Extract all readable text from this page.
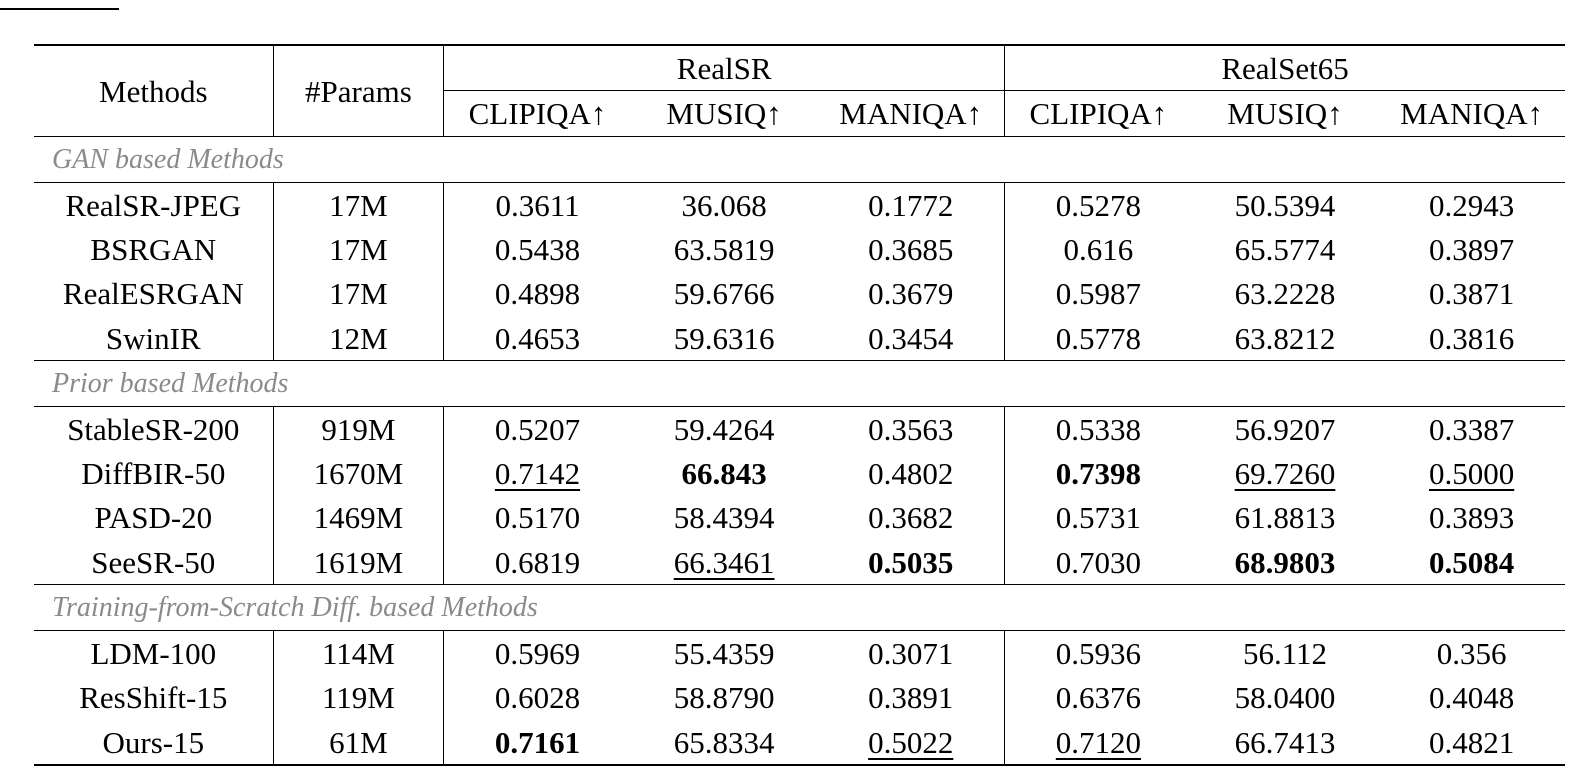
Methods	#Params	RealSR			RealSet65		
		CLIPIQA↑	MUSIQ↑	MANIQA↑	CLIPIQA↑	MUSIQ↑	MANIQA↑
GAN based Methods							
RealSR-JPEG	17M	0.3611	36.068	0.1772	0.5278	50.5394	0.2943
BSRGAN	17M	0.5438	63.5819	0.3685	0.616	65.5774	0.3897
RealESRGAN	17M	0.4898	59.6766	0.3679	0.5987	63.2228	0.3871
SwinIR	12M	0.4653	59.6316	0.3454	0.5778	63.8212	0.3816
Prior based Methods							
StableSR-200	919M	0.5207	59.4264	0.3563	0.5338	56.9207	0.3387
DiffBIR-50	1670M	0.7142	66.843	0.4802	0.7398	69.7260	0.5000
PASD-20	1469M	0.5170	58.4394	0.3682	0.5731	61.8813	0.3893
SeeSR-50	1619M	0.6819	66.3461	0.5035	0.7030	68.9803	0.5084
Training-from-Scratch Diff. based Methods							
LDM-100	114M	0.5969	55.4359	0.3071	0.5936	56.112	0.356
ResShift-15	119M	0.6028	58.8790	0.3891	0.6376	58.0400	0.4048
Ours-15	61M	0.7161	65.8334	0.5022	0.7120	66.7413	0.4821
